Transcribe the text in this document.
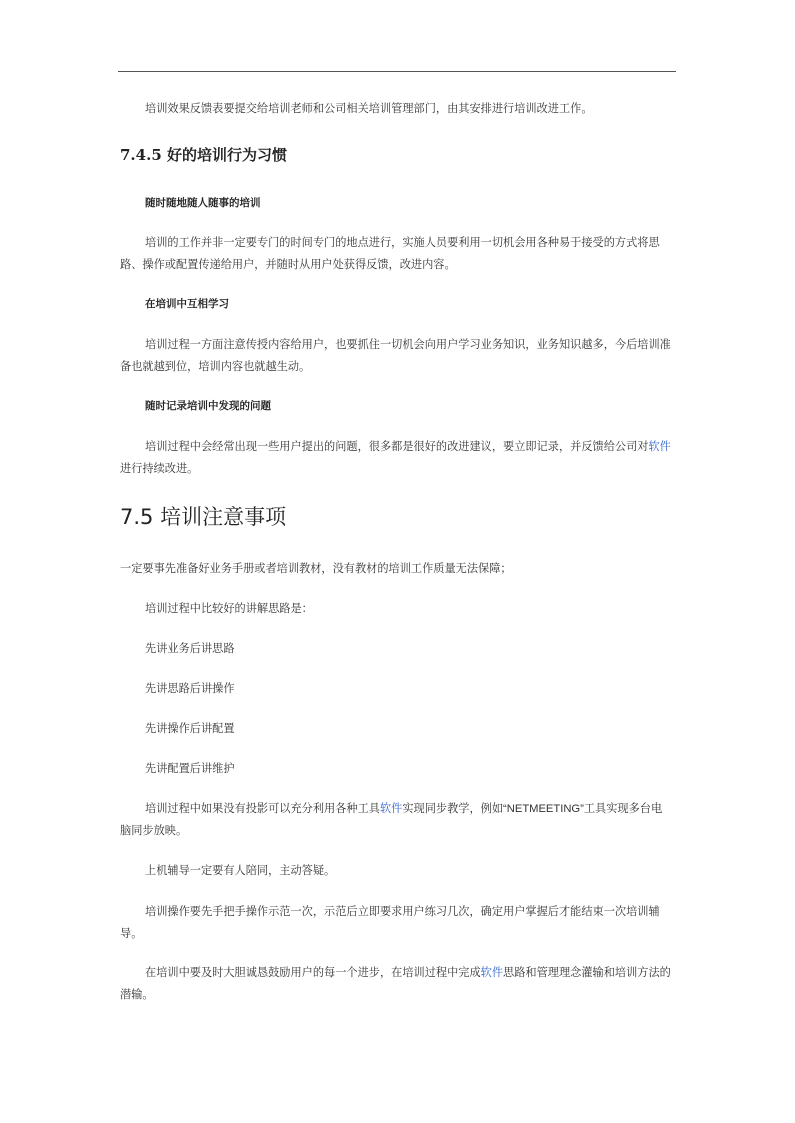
培训效果反馈表要提交给培训老师和公司相关培训管理部门，由其安排进行培训改进工作。

7.4.5 好的培训行为习惯
随时随地随人随事的培训

培训的工作并非一定要专门的时间专门的地点进行，实施人员要利用一切机会用各种易于接受的方式将思路、操作或配置传递给用户，并随时从用户处获得反馈，改进内容。

在培训中互相学习

培训过程一方面注意传授内容给用户，也要抓住一切机会向用户学习业务知识，业务知识越多，今后培训准备也就越到位，培训内容也就越生动。

随时记录培训中发现的问题

培训过程中会经常出现一些用户提出的问题，很多都是很好的改进建议，要立即记录，并反馈给公司对软件进行持续改进。

7.5 培训注意事项

一定要事先准备好业务手册或者培训教材，没有教材的培训工作质量无法保障；

培训过程中比较好的讲解思路是：

先讲业务后讲思路

先讲思路后讲操作

先讲操作后讲配置

先讲配置后讲维护

培训过程中如果没有投影可以充分利用各种工具软件实现同步教学，例如“NETMEETING”工具实现多台电脑同步放映。

上机辅导一定要有人陪同，主动答疑。

培训操作要先手把手操作示范一次，示范后立即要求用户练习几次，确定用户掌握后才能结束一次培训辅导。

在培训中要及时大胆诚恳鼓励用户的每一个进步，在培训过程中完成软件思路和管理理念灌输和培训方法的潜输。
